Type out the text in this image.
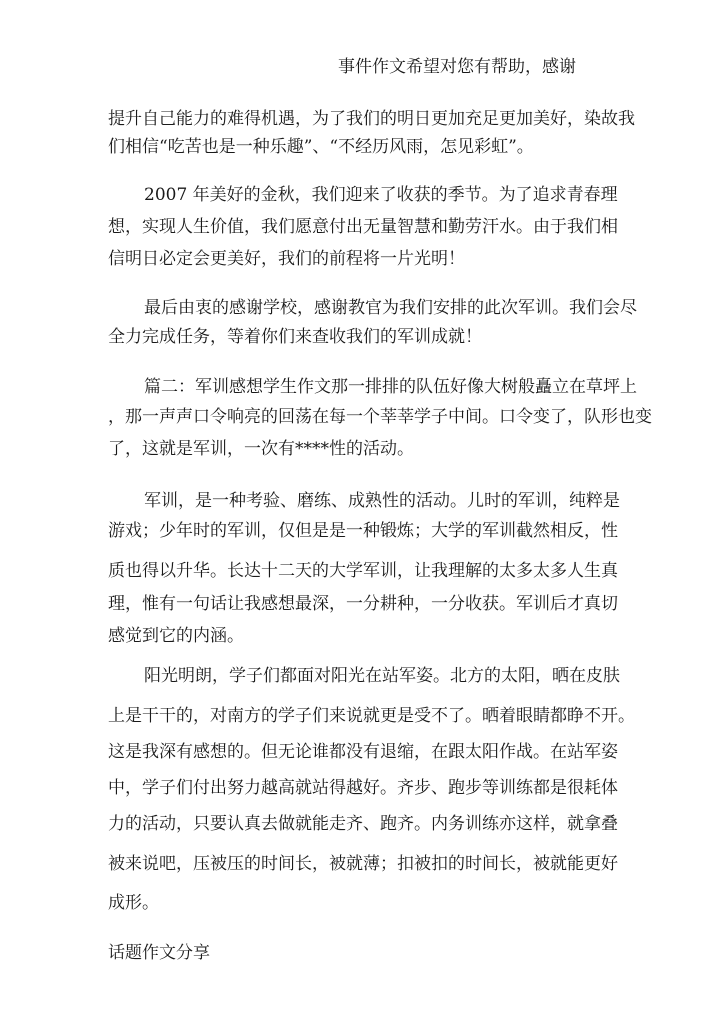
事件作文希望对您有帮助，感谢
提升自己能力的难得机遇，为了我们的明日更加充足更加美好，染故我
们相信“吃苦也是一种乐趣”、“不经历风雨，怎见彩虹”。
2007 年美好的金秋，我们迎来了收获的季节。为了追求青春理
想，实现人生价值，我们愿意付出无量智慧和勤劳汗水。由于我们相
信明日必定会更美好，我们的前程将一片光明！
最后由衷的感谢学校，感谢教官为我们安排的此次军训。我们会尽
全力完成任务，等着你们来查收我们的军训成就！
篇二：军训感想学生作文那一排排的队伍好像大树般矗立在草坪上
，那一声声口令响亮的回荡在每一个莘莘学子中间。口令变了，队形也变
了，这就是军训，一次有****性的活动。
军训，是一种考验、磨练、成熟性的活动。儿时的军训，纯粹是
游戏；少年时的军训，仅但是是一种锻炼；大学的军训截然相反，性
质也得以升华。长达十二天的大学军训，让我理解的太多太多人生真
理，惟有一句话让我感想最深，一分耕种，一分收获。军训后才真切
感觉到它的内涵。
阳光明朗，学子们都面对阳光在站军姿。北方的太阳，晒在皮肤
上是干干的，对南方的学子们来说就更是受不了。晒着眼睛都睁不开。
这是我深有感想的。但无论谁都没有退缩，在跟太阳作战。在站军姿
中，学子们付出努力越高就站得越好。齐步、跑步等训练都是很耗体
力的活动，只要认真去做就能走齐、跑齐。内务训练亦这样，就拿叠
被来说吧，压被压的时间长，被就薄；扣被扣的时间长，被就能更好
成形。
话题作文分享
